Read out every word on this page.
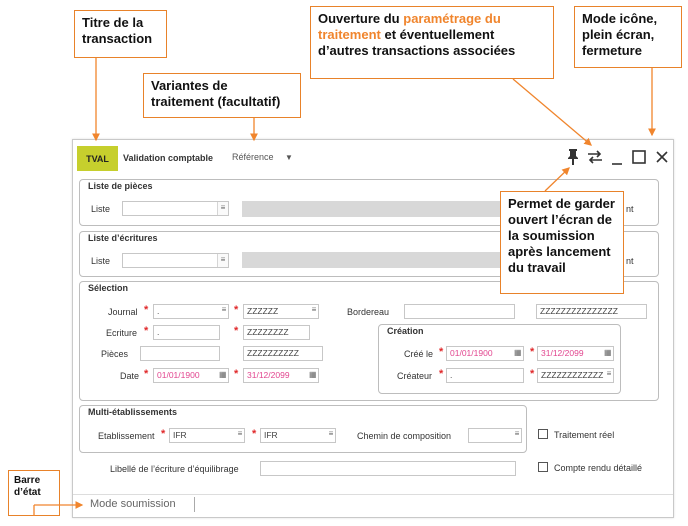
Titre de la transaction
Variantes de traitement (facultatif)
Ouverture du paramétrage du traitement et éventuellement d’autres transactions associées
Mode icône, plein écran, fermeture
TVAL Validation comptable Référence ▼
Liste de pièces
Liste	≡	nt
Liste d’écritures
Liste	≡	nt
Sélection
Journal *	.	≡ *	ZZZZZZ	≡	Bordereau	ZZZZZZZZZZZZZZZ
Ecriture *	.	*	ZZZZZZZZ
Pièces	ZZZZZZZZZZ
Date *	01/01/1900	▦ *	31/12/2099	▦
Création
Créé le * 01/01/1900	▦ * 31/12/2099	▦
Créateur * .	* ZZZZZZZZZZZZ ≡
Multi-établissements
Etablissement * IFR	≡ * IFR	≡	Chemin de composition	≡	Traitement réel
Libellé de l’écriture d’équilibrage	Compte rendu détaillé
Mode soumission
Permet de garder ouvert l’écran de la soumission après lancement du travail
Barre d’état
